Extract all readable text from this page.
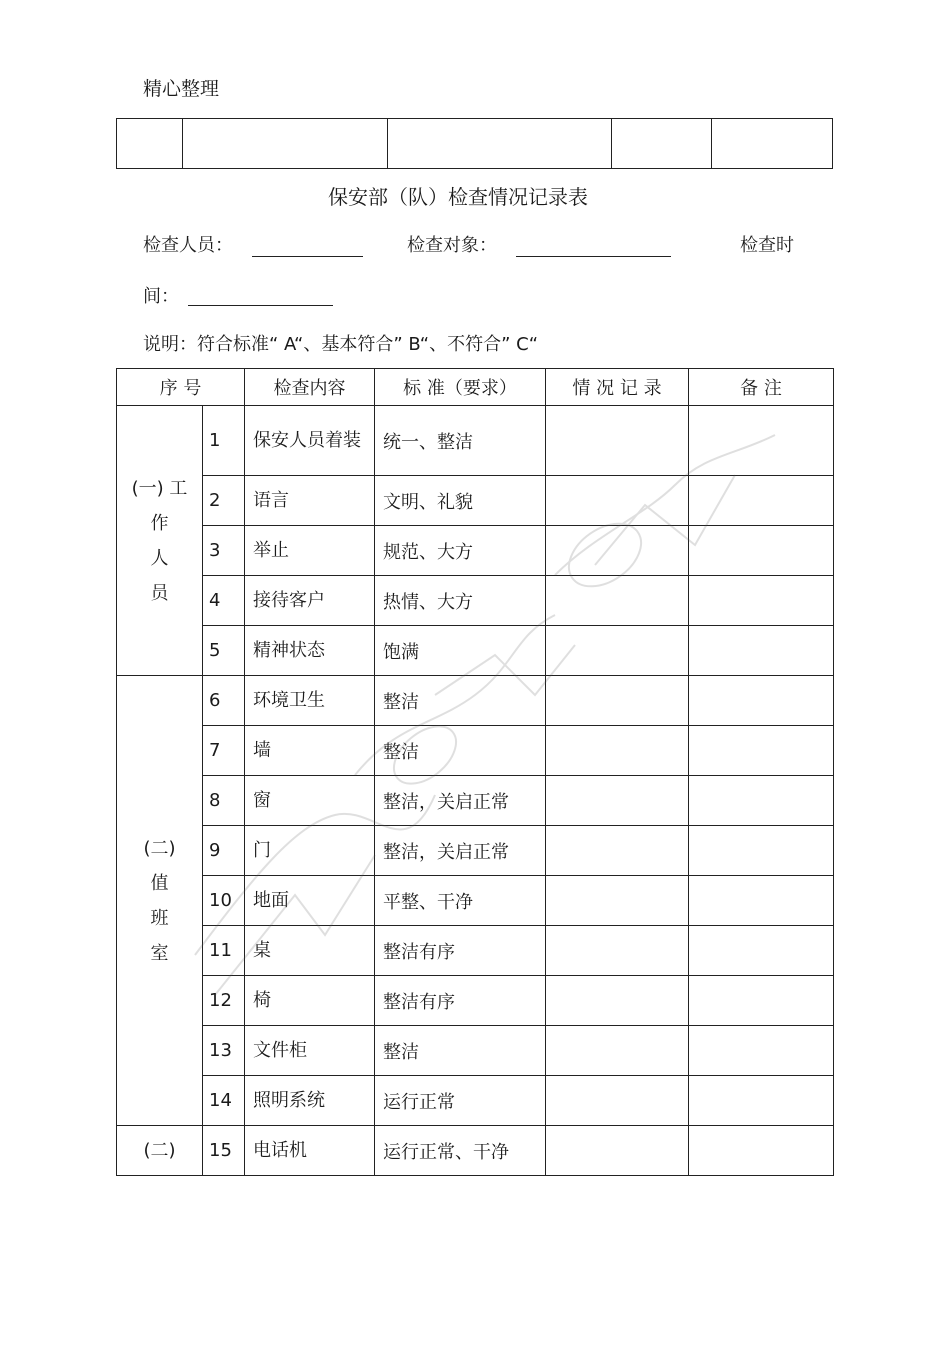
精心整理

保安部（队）检查情况记录表
检查人员：	检查对象：	检查时
间：
说明：符合标准“ A“、基本符合” B“、不符合” C“
序 号		检查内容	标 准（要求）	情 况 记 录	备 注

(一) 工
作
人
员	1	保安人员着装	统一、整洁		
	2	语言	文明、礼貌		
	3	举止	规范、大方		
	4	接待客户	热情、大方		
	5	精神状态	饱满		

(二)
值
班
室	6	环境卫生	整洁		
	7	墙	整洁		
	8	窗	整洁，关启正常		
	9	门	整洁，关启正常		
	10	地面	平整、干净		
	11	桌	整洁有序		
	12	椅	整洁有序		
	13	文件柜	整洁		
	14	照明系统	运行正常		

(二)	15	电话机	运行正常、干净		
